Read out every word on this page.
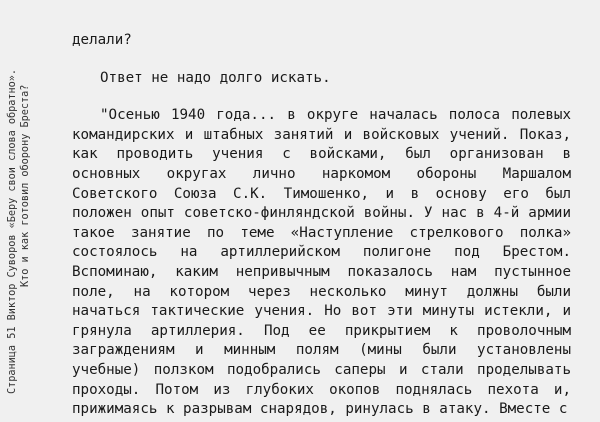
Страница 51 Виктор Суворов «Беру свои слова обратно». Кто и как готовил оборону Бреста?

делали?

Ответ не надо долго искать.

"Осенью 1940 года... в округе началась полоса полевых командирских и штабных занятий и войсковых учений. Показ, как проводить учения с войсками, был организован в основных округах лично наркомом обороны Маршалом Советского Союза С.К. Тимошенко, и в основу его был положен опыт советско-финляндской войны. У нас в 4-й армии такое занятие по теме «Наступление стрелкового полка» состоялось на артиллерийском полигоне под Брестом. Вспоминаю, каким непривычным показалось нам пустынное поле, на котором через несколько минут должны были начаться тактические учения. Но вот эти минуты истекли, и грянула артиллерия. Под ее прикрытием к проволочным заграждениям и минным полям (мины были установлены учебные) ползком подобрались саперы и стали проделывать проходы. Потом из глубоких окопов поднялась пехота и, прижимаясь к разрывам снарядов, ринулась в атаку. Вместе с
